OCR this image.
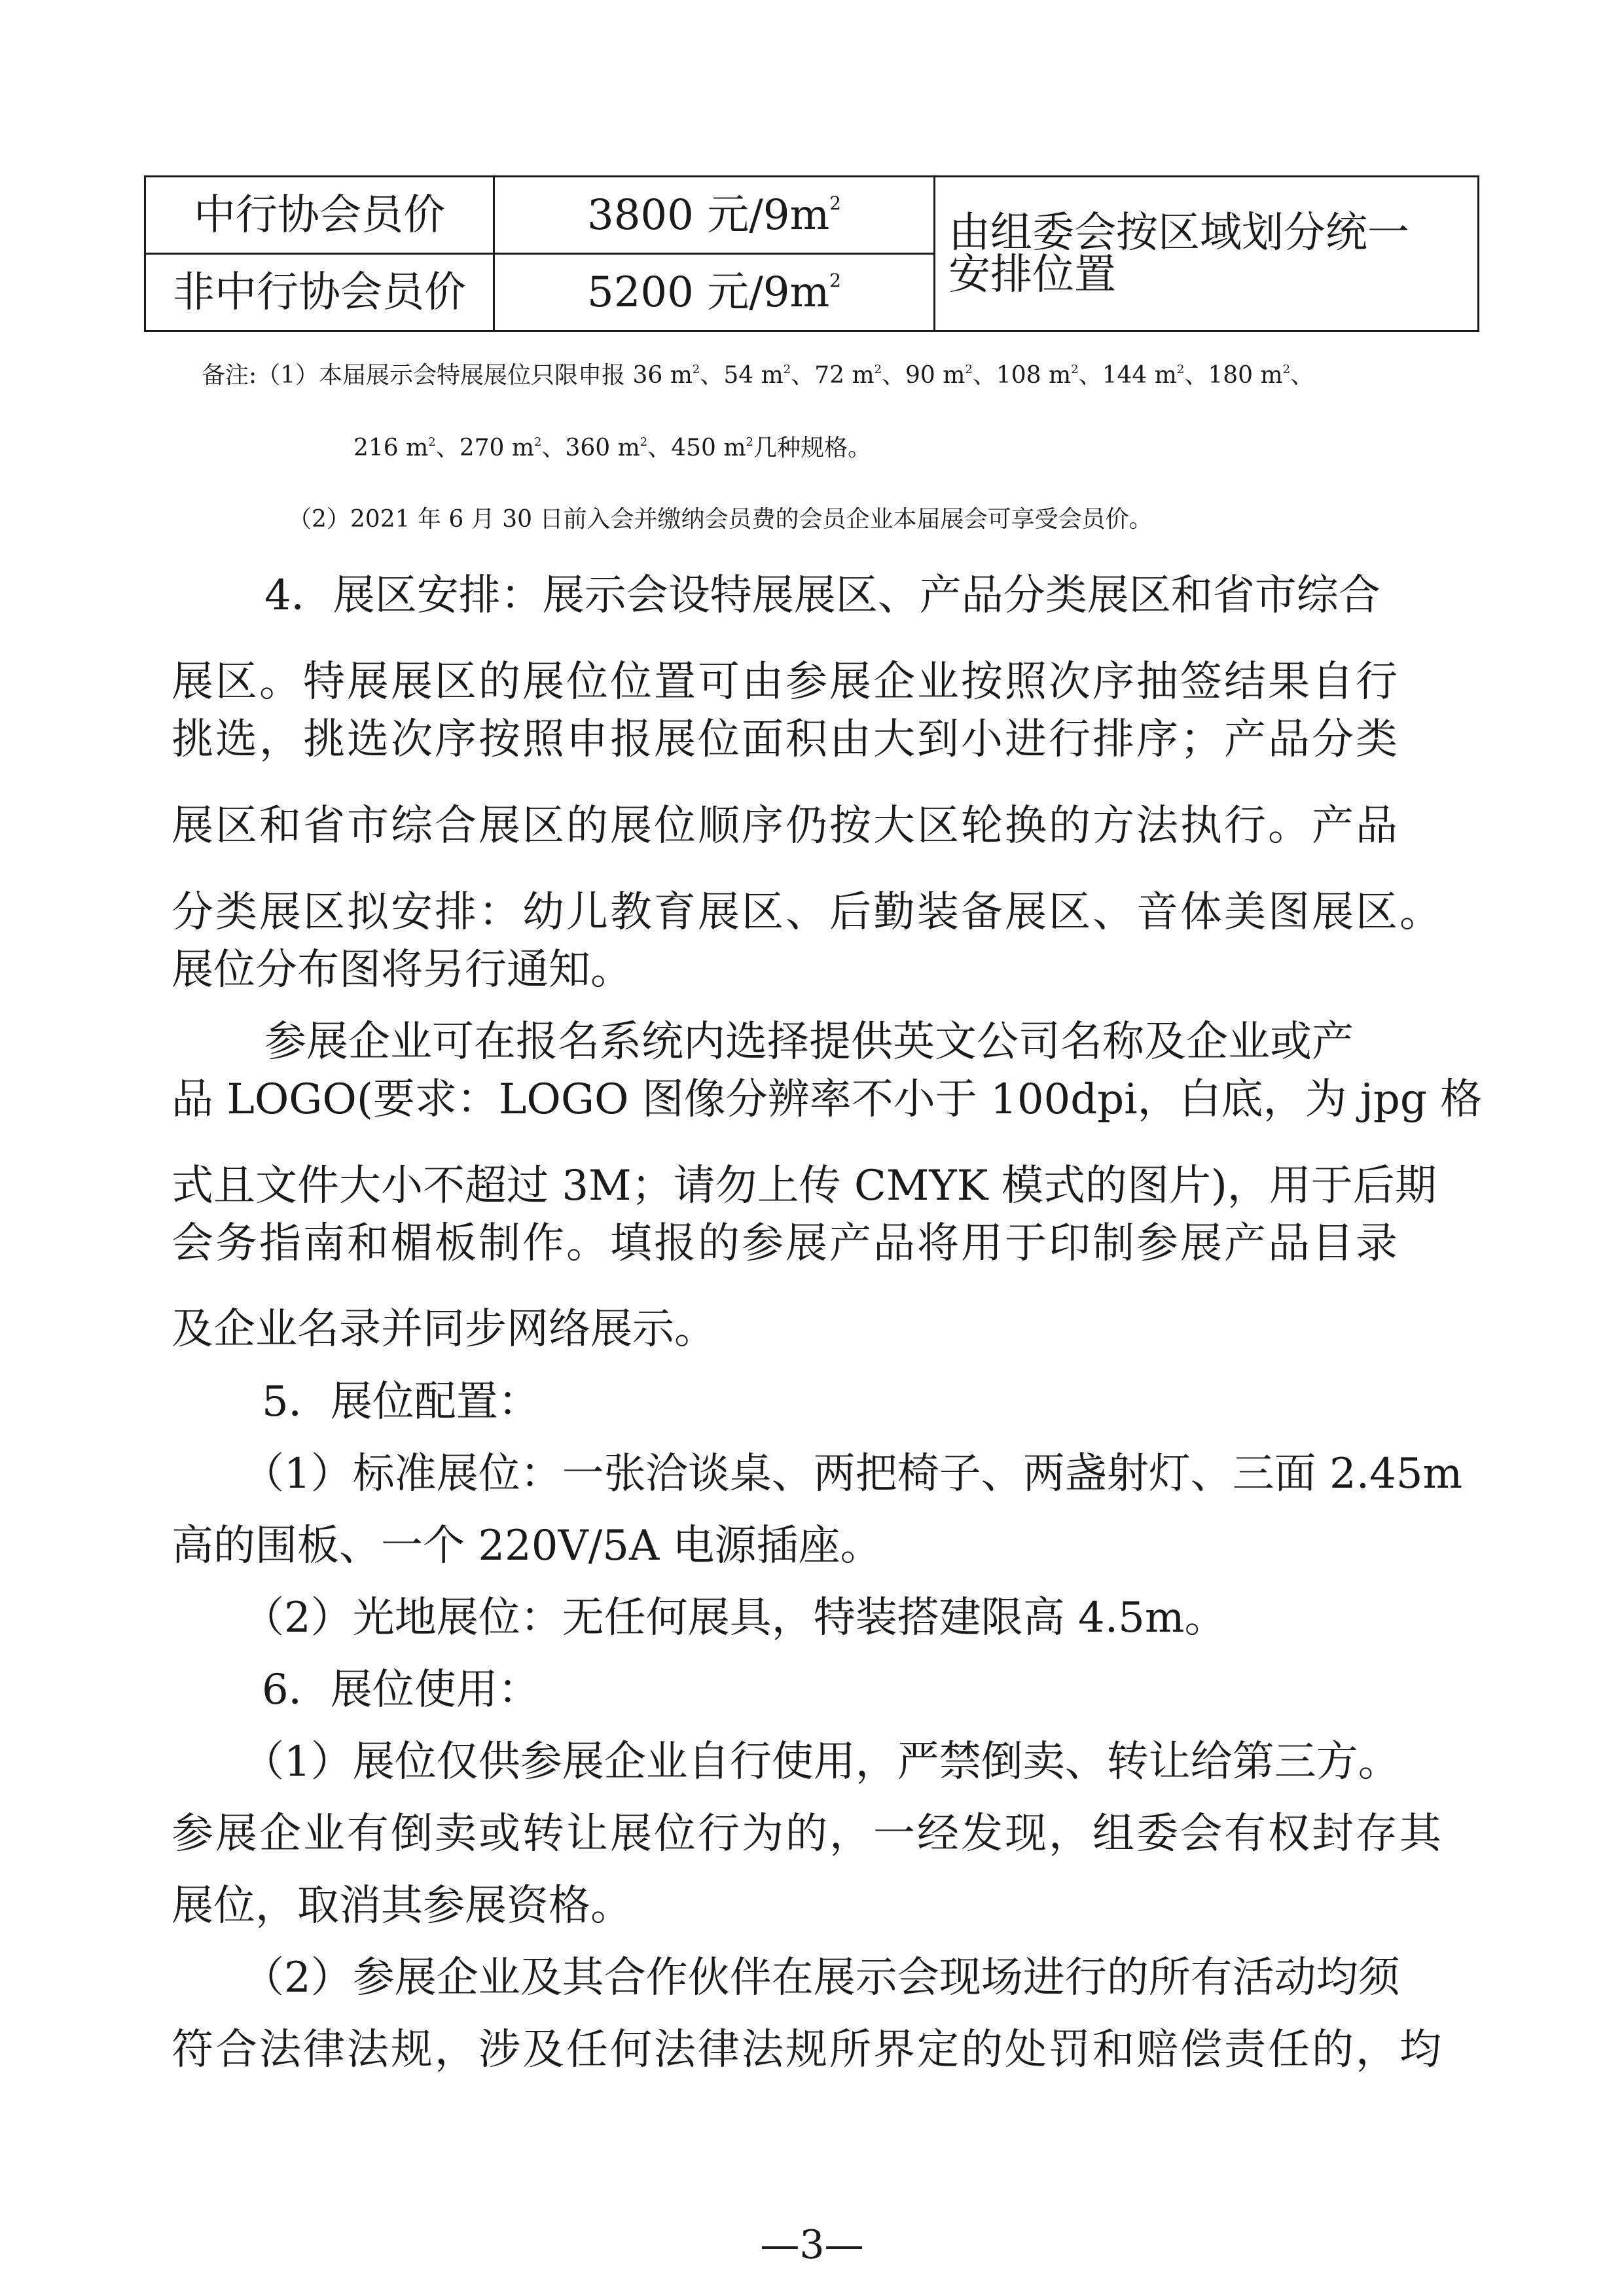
中行协会员价	3800 元$/9m^2$	由组委会按区域划分统一
安排位置
非中行协会员价	5200 元$/9m^2$
备注:（1）本届展示会特展展位只限申报 36 $m^2$、54 $m^2$、72 $m^2$、90 $m^2$、108 $m^2$、144 $m^2$、180 $m^2$、
216 $m^2$、270 $m^2$、360 $m^2$、450 $m^2$几种规格。
（2）2021 年 6 月 30 日前入会并缴纳会员费的会员企业本届展会可享受会员价。
4．展区安排：展示会设特展展区、产品分类展区和省市综合
展区。特展展区的展位位置可由参展企业按照次序抽签结果自行
挑选，挑选次序按照申报展位面积由大到小进行排序；产品分类
展区和省市综合展区的展位顺序仍按大区轮换的方法执行。产品
分类展区拟安排：幼儿教育展区、后勤装备展区、音体美图展区。
展位分布图将另行通知。
参展企业可在报名系统内选择提供英文公司名称及企业或产
品 LOGO(要求：LOGO 图像分辨率不小于 100dpi，白底，为 jpg 格
式且文件大小不超过 3M；请勿上传 CMYK 模式的图片)，用于后期
会务指南和楣板制作。填报的参展产品将用于印制参展产品目录
及企业名录并同步网络展示。
5．展位配置：
（1）标准展位：一张洽谈桌、两把椅子、两盏射灯、三面 2.45m
高的围板、一个 220V/5A 电源插座。
（2）光地展位：无任何展具，特装搭建限高 4.5m。
6．展位使用：
（1）展位仅供参展企业自行使用，严禁倒卖、转让给第三方。
参展企业有倒卖或转让展位行为的，一经发现，组委会有权封存其
展位，取消其参展资格。
（2）参展企业及其合作伙伴在展示会现场进行的所有活动均须
符合法律法规，涉及任何法律法规所界定的处罚和赔偿责任的，均
—3—
